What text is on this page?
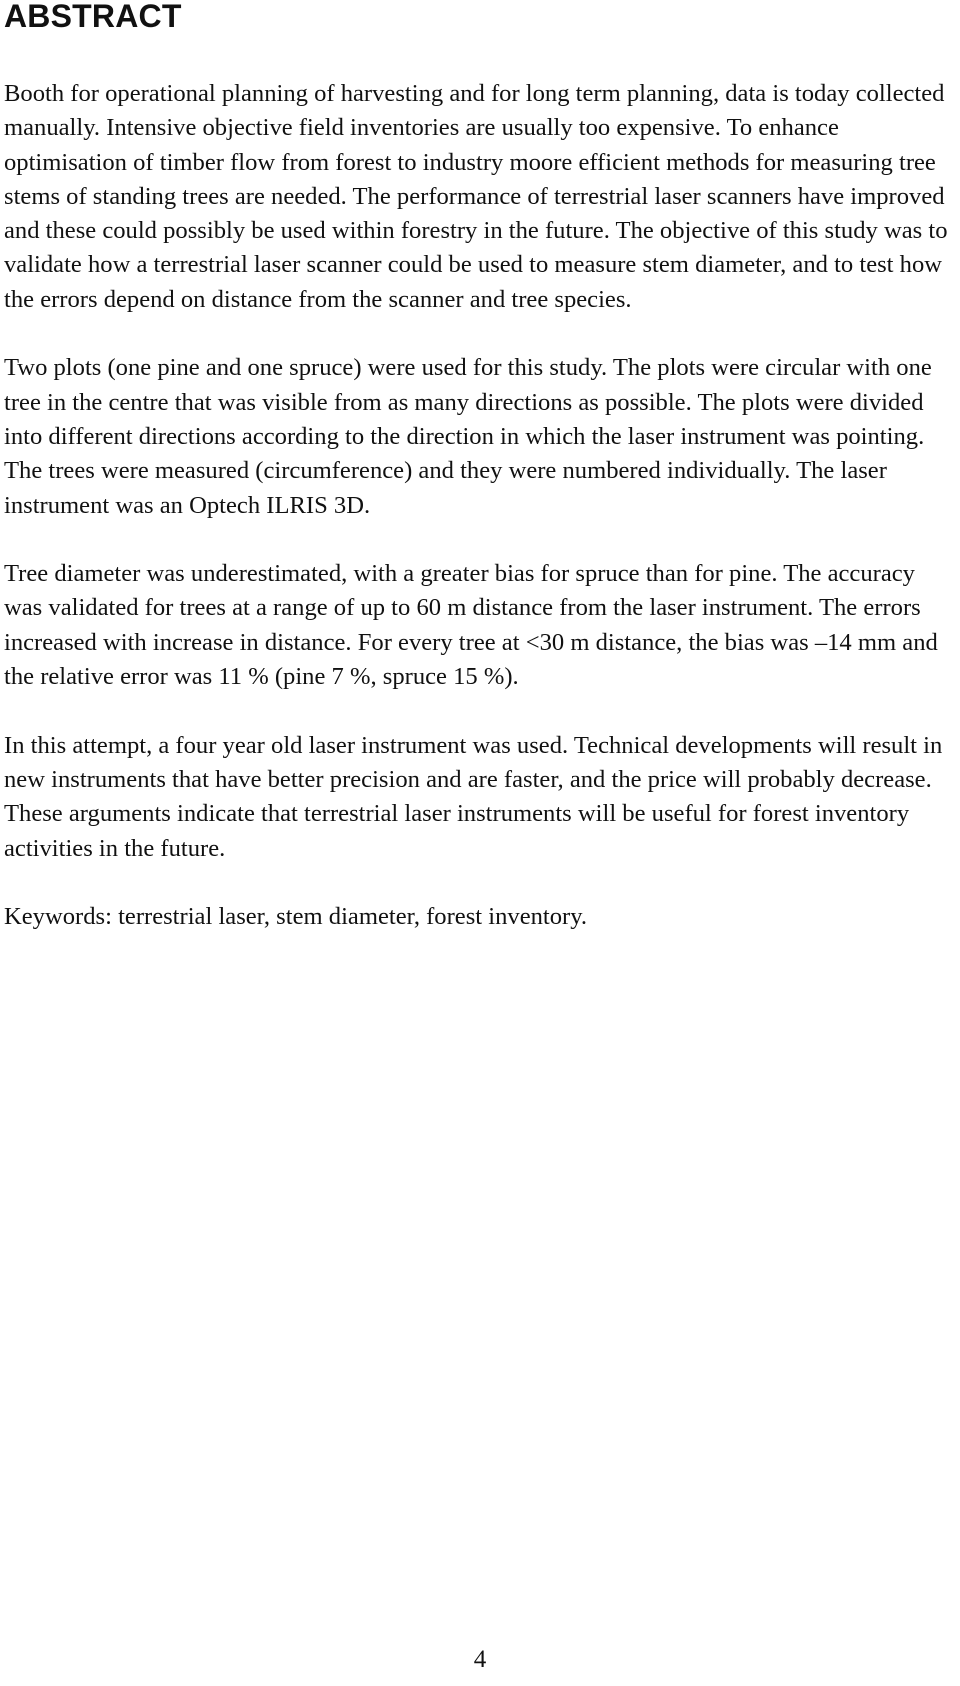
ABSTRACT

Booth for operational planning of harvesting and for long term planning, data is today collected manually. Intensive objective field inventories are usually too expensive. To enhance optimisation of timber flow from forest to industry moore efficient methods for measuring tree stems of standing trees are needed. The performance of terrestrial laser scanners have improved and these could possibly be used within forestry in the future. The objective of this study was to validate how a terrestrial laser scanner could be used to measure stem diameter, and to test how the errors depend on distance from the scanner and tree species.

Two plots (one pine and one spruce) were used for this study. The plots were circular with one tree in the centre that was visible from as many directions as possible. The plots were divided into different directions according to the direction in which the laser instrument was pointing. The trees were measured (circumference) and they were numbered individually. The laser instrument was an Optech ILRIS 3D.

Tree diameter was underestimated, with a greater bias for spruce than for pine. The accuracy was validated for trees at a range of up to 60 m distance from the laser instrument. The errors increased with increase in distance. For every tree at <30 m distance, the bias was –14 mm and the relative error was 11 % (pine 7 %, spruce 15 %).

In this attempt, a four year old laser instrument was used. Technical developments will result in new instruments that have better precision and are faster, and the price will probably decrease. These arguments indicate that terrestrial laser instruments will be useful for forest inventory activities in the future.

Keywords: terrestrial laser, stem diameter, forest inventory.

4
